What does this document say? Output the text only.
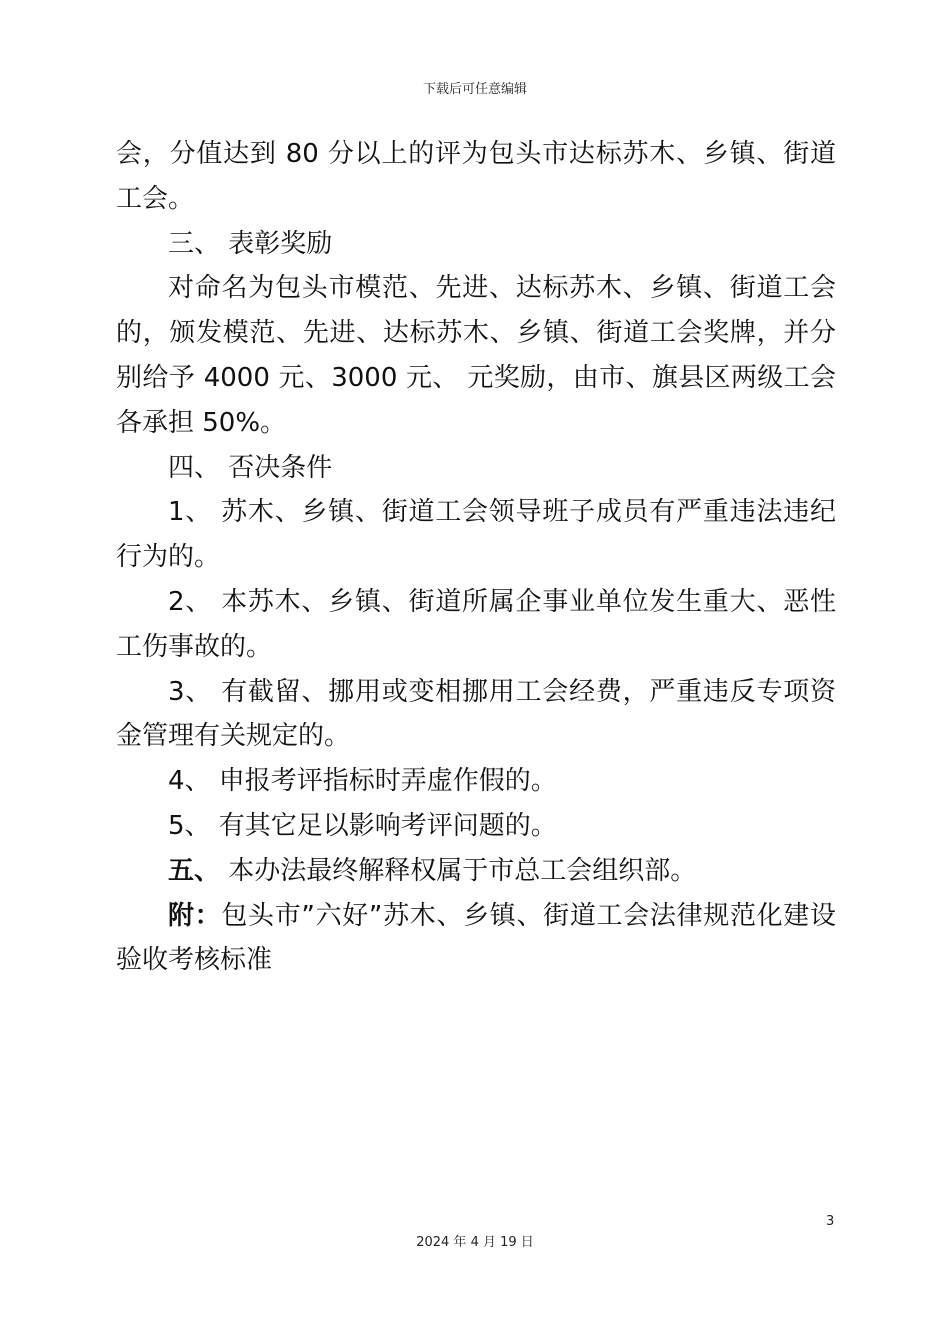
下载后可任意编辑

会，分值达到 80 分以上的评为包头市达标苏木、乡镇、街道工会。

三、 表彰奖励

对命名为包头市模范、先进、达标苏木、乡镇、街道工会的，颁发模范、先进、达标苏木、乡镇、街道工会奖牌，并分别给予 4000 元、3000 元、 元奖励，由市、旗县区两级工会各承担 50%。

四、 否决条件

1、 苏木、乡镇、街道工会领导班子成员有严重违法违纪行为的。

2、 本苏木、乡镇、街道所属企事业单位发生重大、恶性工伤事故的。

3、 有截留、挪用或变相挪用工会经费，严重违反专项资金管理有关规定的。

4、 申报考评指标时弄虚作假的。

5、 有其它足以影响考评问题的。

五、 本办法最终解释权属于市总工会组织部。

附：包头市”六好”苏木、乡镇、街道工会法律规范化建设验收考核标准

3
2024 年 4 月 19 日
